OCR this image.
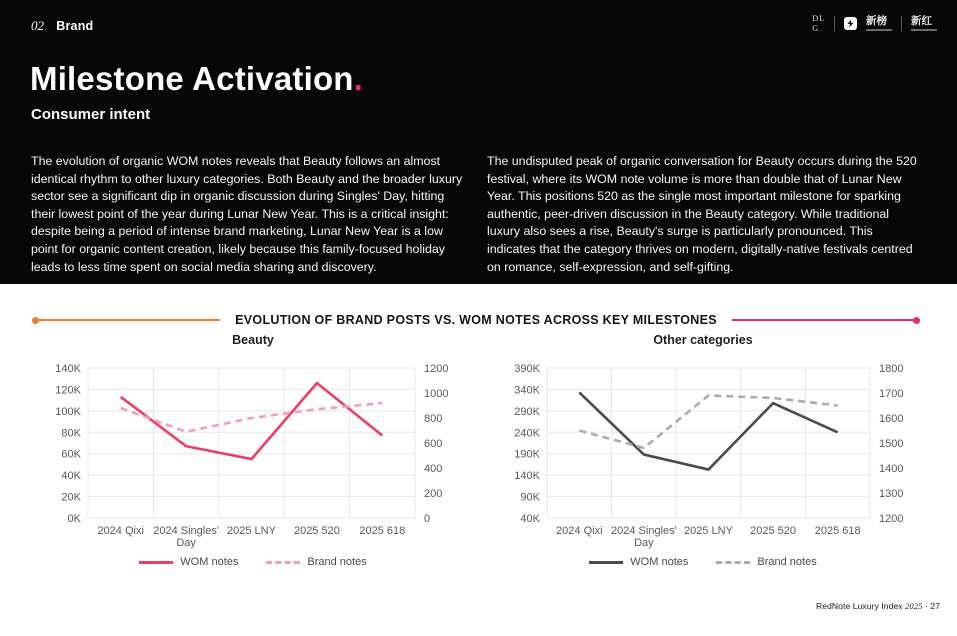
02. Brand
DL
G.
新榜 新红
Milestone Activation.
Consumer intent

The evolution of organic WOM notes reveals that Beauty follows an almost identical rhythm to other luxury categories. Both Beauty and the broader luxury sector see a significant dip in organic discussion during Singles' Day, hitting their lowest point of the year during Lunar New Year. This is a critical insight: despite being a period of intense brand marketing, Lunar New Year is a low point for organic content creation, likely because this family-focused holiday leads to less time spent on social media sharing and discovery.

The undisputed peak of organic conversation for Beauty occurs during the 520 festival, where its WOM note volume is more than double that of Lunar New Year. This positions 520 as the single most important milestone for sparking authentic, peer-driven discussion in the Beauty category. While traditional luxury also sees a rise, Beauty's surge is particularly pronounced. This indicates that the category thrives on modern, digitally-native festivals centred on romance, self-expression, and self-gifting.

EVOLUTION OF BRAND POSTS VS. WOM NOTES ACROSS KEY MILESTONES
Beauty
140K
120K
100K
80K
60K
40K
20K
0K
1200
1000
800
600
400
200
0
2024 Qixi 2024 Singles'
Day
2025 LNY 2025 520 2025 618
WOM notes	Brand notes
Other categories
390K
340K
290K
240K
190K
140K
90K
40K
1800
1700
1600
1500
1400
1300
1200
2024 Qixi 2024 Singles'
Day
2025 LNY 2025 520 2025 618
WOM notes	Brand notes
RedNote Luxury Index 2025 · 27
